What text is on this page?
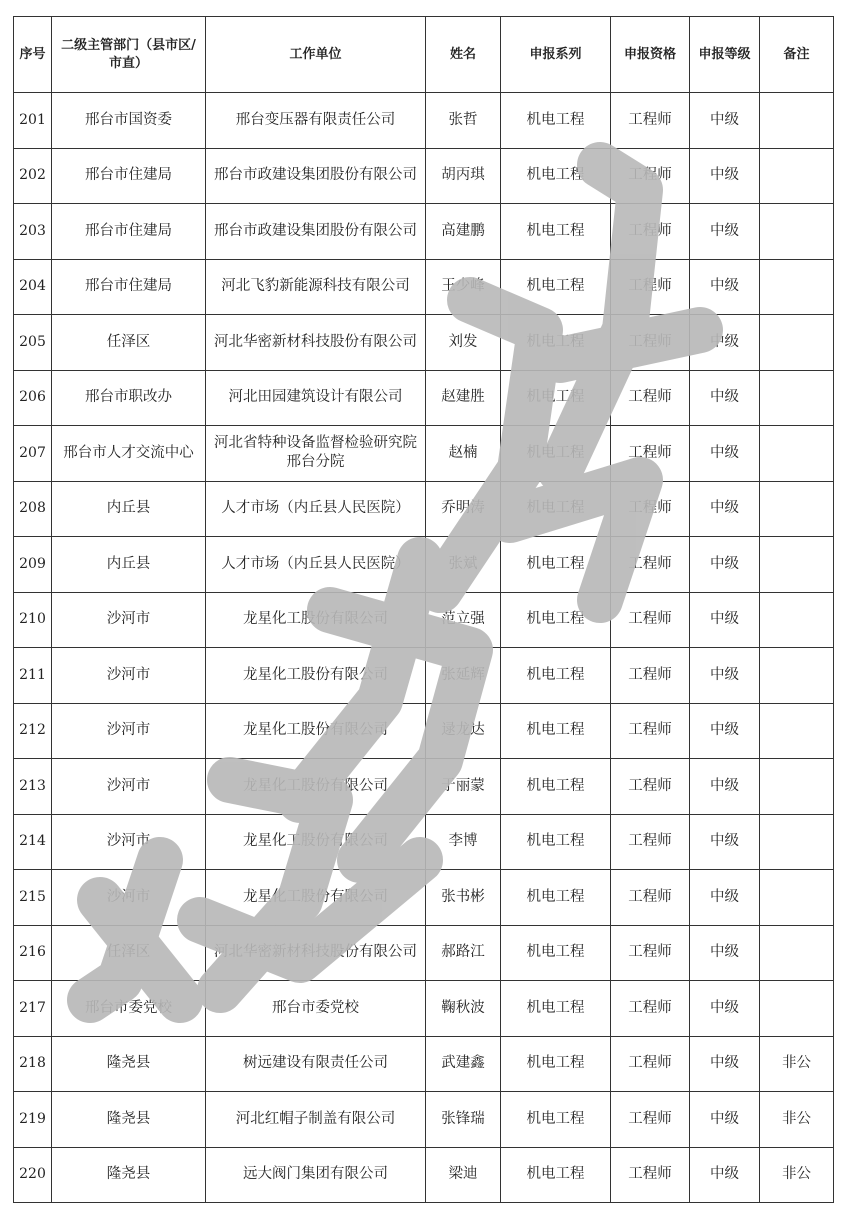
序号	二级主管部门（县市区/市直）	工作单位	姓名	申报系列	申报资格	申报等级	备注
201	邢台市国资委	邢台变压器有限责任公司	张哲	机电工程	工程师	中级	
202	邢台市住建局	邢台市政建设集团股份有限公司	胡丙琪	机电工程	工程师	中级	
203	邢台市住建局	邢台市政建设集团股份有限公司	高建鹏	机电工程	工程师	中级	
204	邢台市住建局	河北飞豹新能源科技有限公司	王少峰	机电工程	工程师	中级	
205	任泽区	河北华密新材科技股份有限公司	刘发	机电工程	工程师	中级	
206	邢台市职改办	河北田园建筑设计有限公司	赵建胜	机电工程	工程师	中级	
207	邢台市人才交流中心	河北省特种设备监督检验研究院邢台分院	赵楠	机电工程	工程师	中级	
208	内丘县	人才市场（内丘县人民医院）	乔明涛	机电工程	工程师	中级	
209	内丘县	人才市场（内丘县人民医院）	张斌	机电工程	工程师	中级	
210	沙河市	龙星化工股份有限公司	范立强	机电工程	工程师	中级	
211	沙河市	龙星化工股份有限公司	张延辉	机电工程	工程师	中级	
212	沙河市	龙星化工股份有限公司	逯龙达	机电工程	工程师	中级	
213	沙河市	龙星化工股份有限公司	于丽蒙	机电工程	工程师	中级	
214	沙河市	龙星化工股份有限公司	李博	机电工程	工程师	中级	
215	沙河市	龙星化工股份有限公司	张书彬	机电工程	工程师	中级	
216	任泽区	河北华密新材科技股份有限公司	郝路江	机电工程	工程师	中级	
217	邢台市委党校	邢台市委党校	鞠秋波	机电工程	工程师	中级	
218	隆尧县	树远建设有限责任公司	武建鑫	机电工程	工程师	中级	非公
219	隆尧县	河北红帽子制盖有限公司	张锋瑞	机电工程	工程师	中级	非公
220	隆尧县	远大阀门集团有限公司	梁迪	机电工程	工程师	中级	非公
